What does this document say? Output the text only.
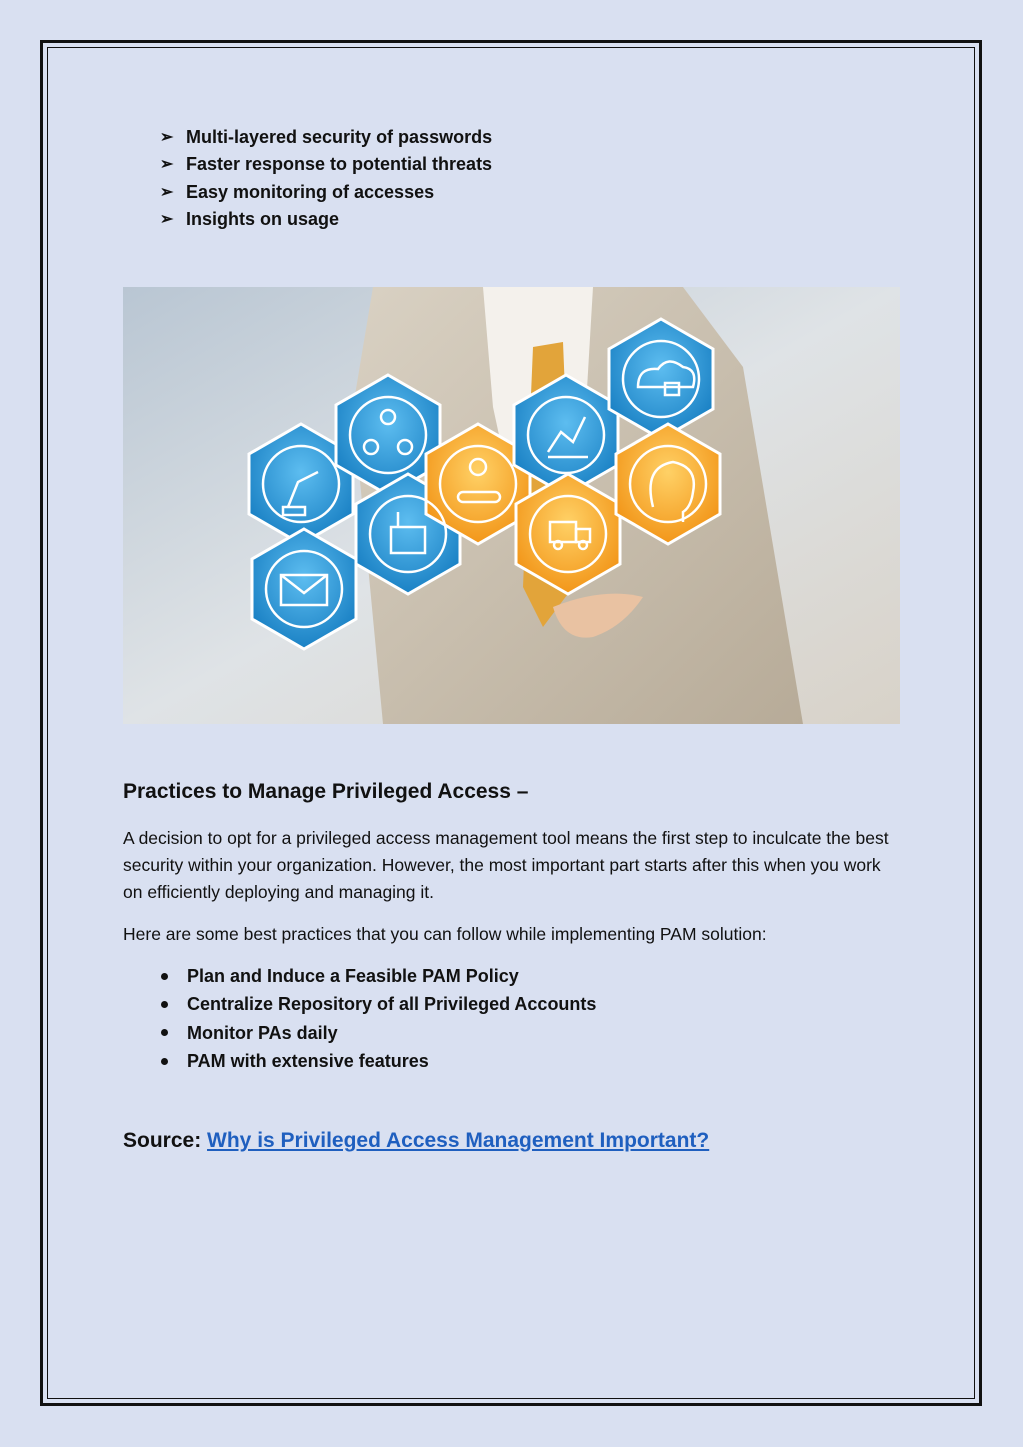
➢ Multi-layered security of passwords
➢ Faster response to potential threats
➢ Easy monitoring of accesses
➢ Insights on usage
Practices to Manage Privileged Access –

A decision to opt for a privileged access management tool means the first step to inculcate the best security within your organization. However, the most important part starts after this when you work on efficiently deploying and managing it.

Here are some best practices that you can follow while implementing PAM solution:

Plan and Induce a Feasible PAM Policy
Centralize Repository of all Privileged Accounts
Monitor PAs daily
PAM with extensive features
Source: Why is Privileged Access Management Important?
